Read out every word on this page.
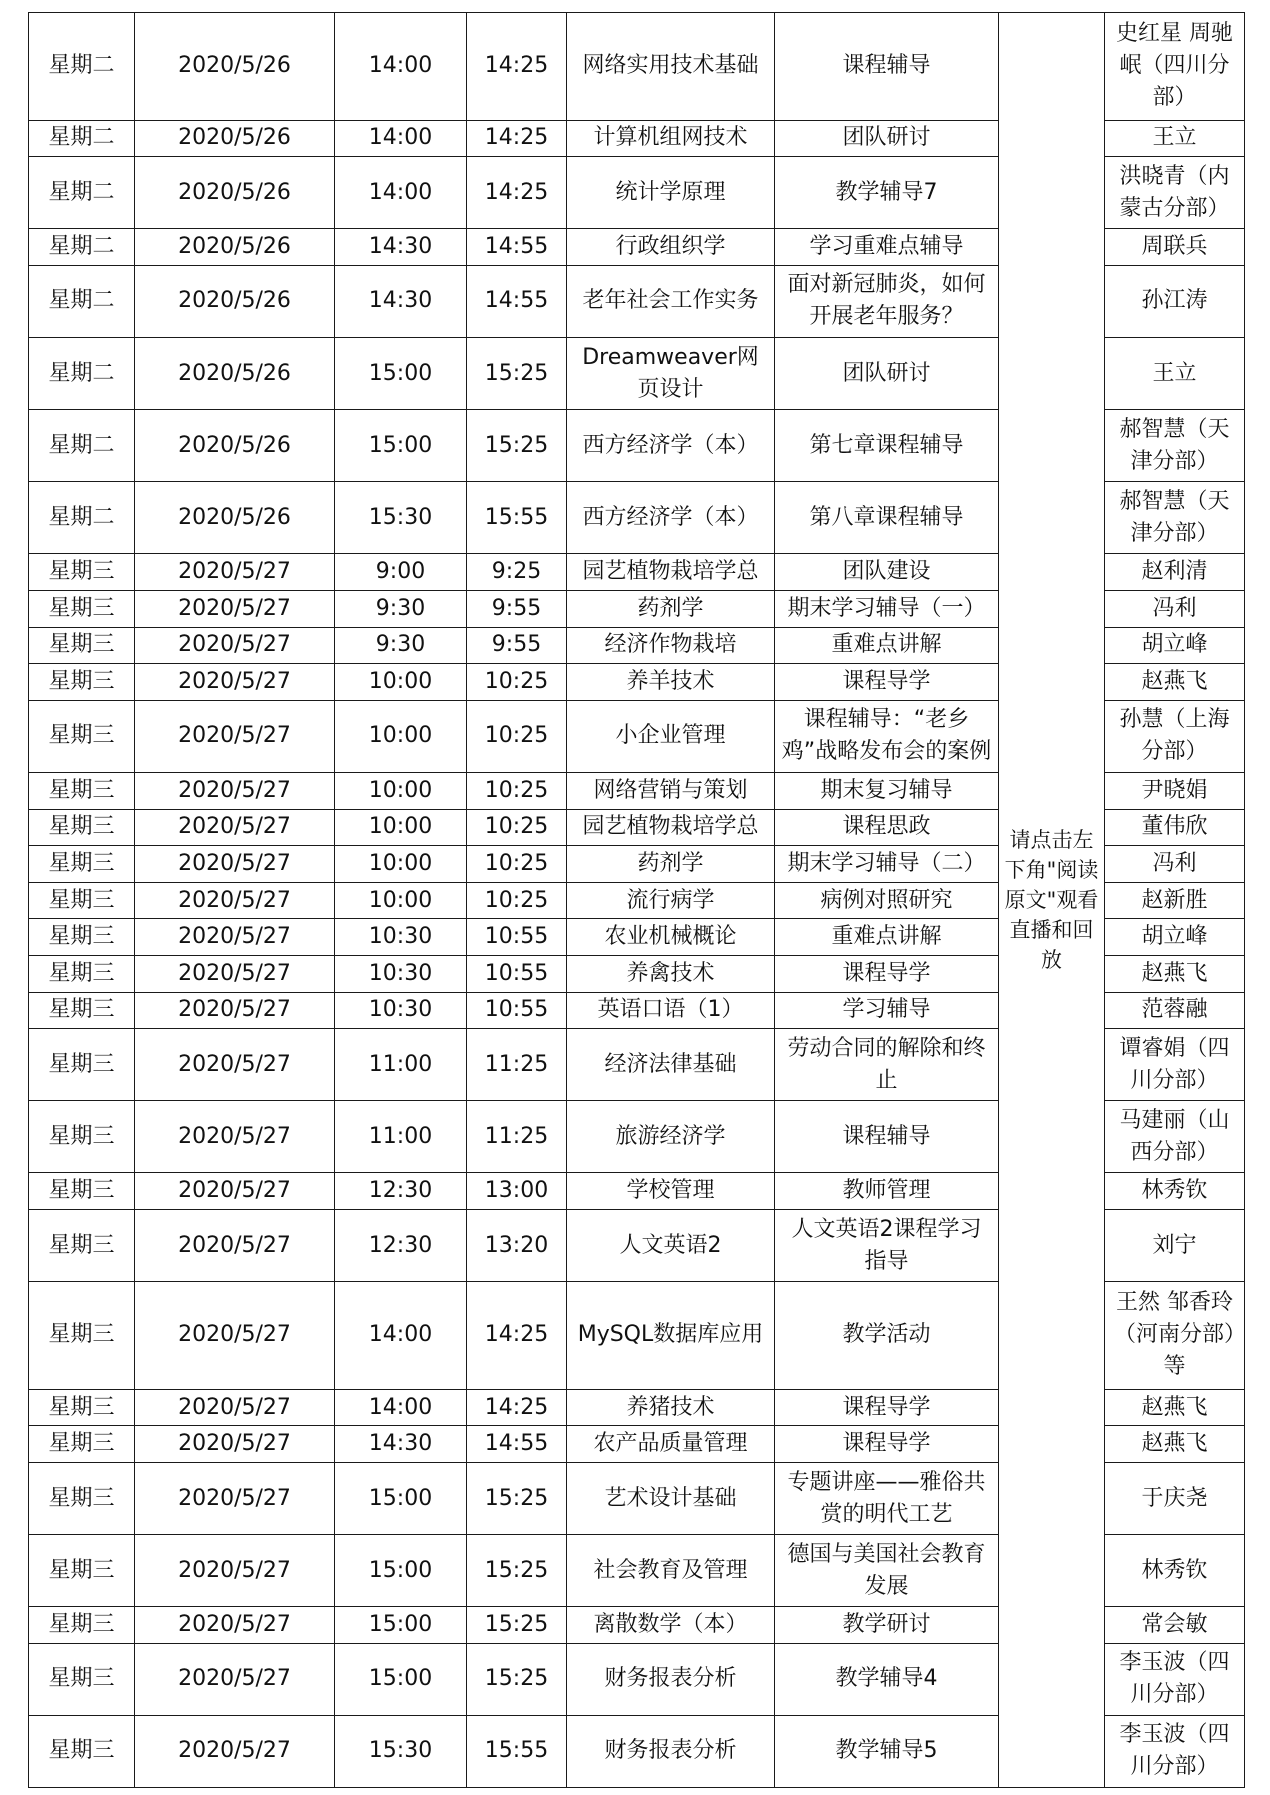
星期二	2020/5/26	14:00	14:25	网络实用技术基础	课程辅导	请点击左下角"阅读原文"观看直播和回放	史红星 周驰岷（四川分部）
星期二	2020/5/26	14:00	14:25	计算机组网技术	团队研讨		王立
星期二	2020/5/26	14:00	14:25	统计学原理	教学辅导7		洪晓青（内蒙古分部）
星期二	2020/5/26	14:30	14:55	行政组织学	学习重难点辅导		周联兵
星期二	2020/5/26	14:30	14:55	老年社会工作实务	面对新冠肺炎，如何开展老年服务？		孙江涛
星期二	2020/5/26	15:00	15:25	Dreamweaver网页设计	团队研讨		王立
星期二	2020/5/26	15:00	15:25	西方经济学（本）	第七章课程辅导		郝智慧（天津分部）
星期二	2020/5/26	15:30	15:55	西方经济学（本）	第八章课程辅导		郝智慧（天津分部）
星期三	2020/5/27	9:00	9:25	园艺植物栽培学总	团队建设		赵利清
星期三	2020/5/27	9:30	9:55	药剂学	期末学习辅导（一）		冯利
星期三	2020/5/27	9:30	9:55	经济作物栽培	重难点讲解		胡立峰
星期三	2020/5/27	10:00	10:25	养羊技术	课程导学		赵燕飞
星期三	2020/5/27	10:00	10:25	小企业管理	课程辅导：“老乡鸡”战略发布会的案例		孙慧（上海分部）
星期三	2020/5/27	10:00	10:25	网络营销与策划	期末复习辅导		尹晓娟
星期三	2020/5/27	10:00	10:25	园艺植物栽培学总	课程思政		董伟欣
星期三	2020/5/27	10:00	10:25	药剂学	期末学习辅导（二）		冯利
星期三	2020/5/27	10:00	10:25	流行病学	病例对照研究		赵新胜
星期三	2020/5/27	10:30	10:55	农业机械概论	重难点讲解		胡立峰
星期三	2020/5/27	10:30	10:55	养禽技术	课程导学		赵燕飞
星期三	2020/5/27	10:30	10:55	英语口语（1）	学习辅导		范蓉融
星期三	2020/5/27	11:00	11:25	经济法律基础	劳动合同的解除和终止		谭睿娟（四川分部）
星期三	2020/5/27	11:00	11:25	旅游经济学	课程辅导		马建丽（山西分部）
星期三	2020/5/27	12:30	13:00	学校管理	教师管理		林秀钦
星期三	2020/5/27	12:30	13:20	人文英语2	人文英语2课程学习指导		刘宁
星期三	2020/5/27	14:00	14:25	MySQL数据库应用	教学活动		王然 邹香玲（河南分部）等
星期三	2020/5/27	14:00	14:25	养猪技术	课程导学		赵燕飞
星期三	2020/5/27	14:30	14:55	农产品质量管理	课程导学		赵燕飞
星期三	2020/5/27	15:00	15:25	艺术设计基础	专题讲座——雅俗共赏的明代工艺		于庆尧
星期三	2020/5/27	15:00	15:25	社会教育及管理	德国与美国社会教育发展		林秀钦
星期三	2020/5/27	15:00	15:25	离散数学（本）	教学研讨		常会敏
星期三	2020/5/27	15:00	15:25	财务报表分析	教学辅导4		李玉波（四川分部）
星期三	2020/5/27	15:30	15:55	财务报表分析	教学辅导5		李玉波（四川分部）
